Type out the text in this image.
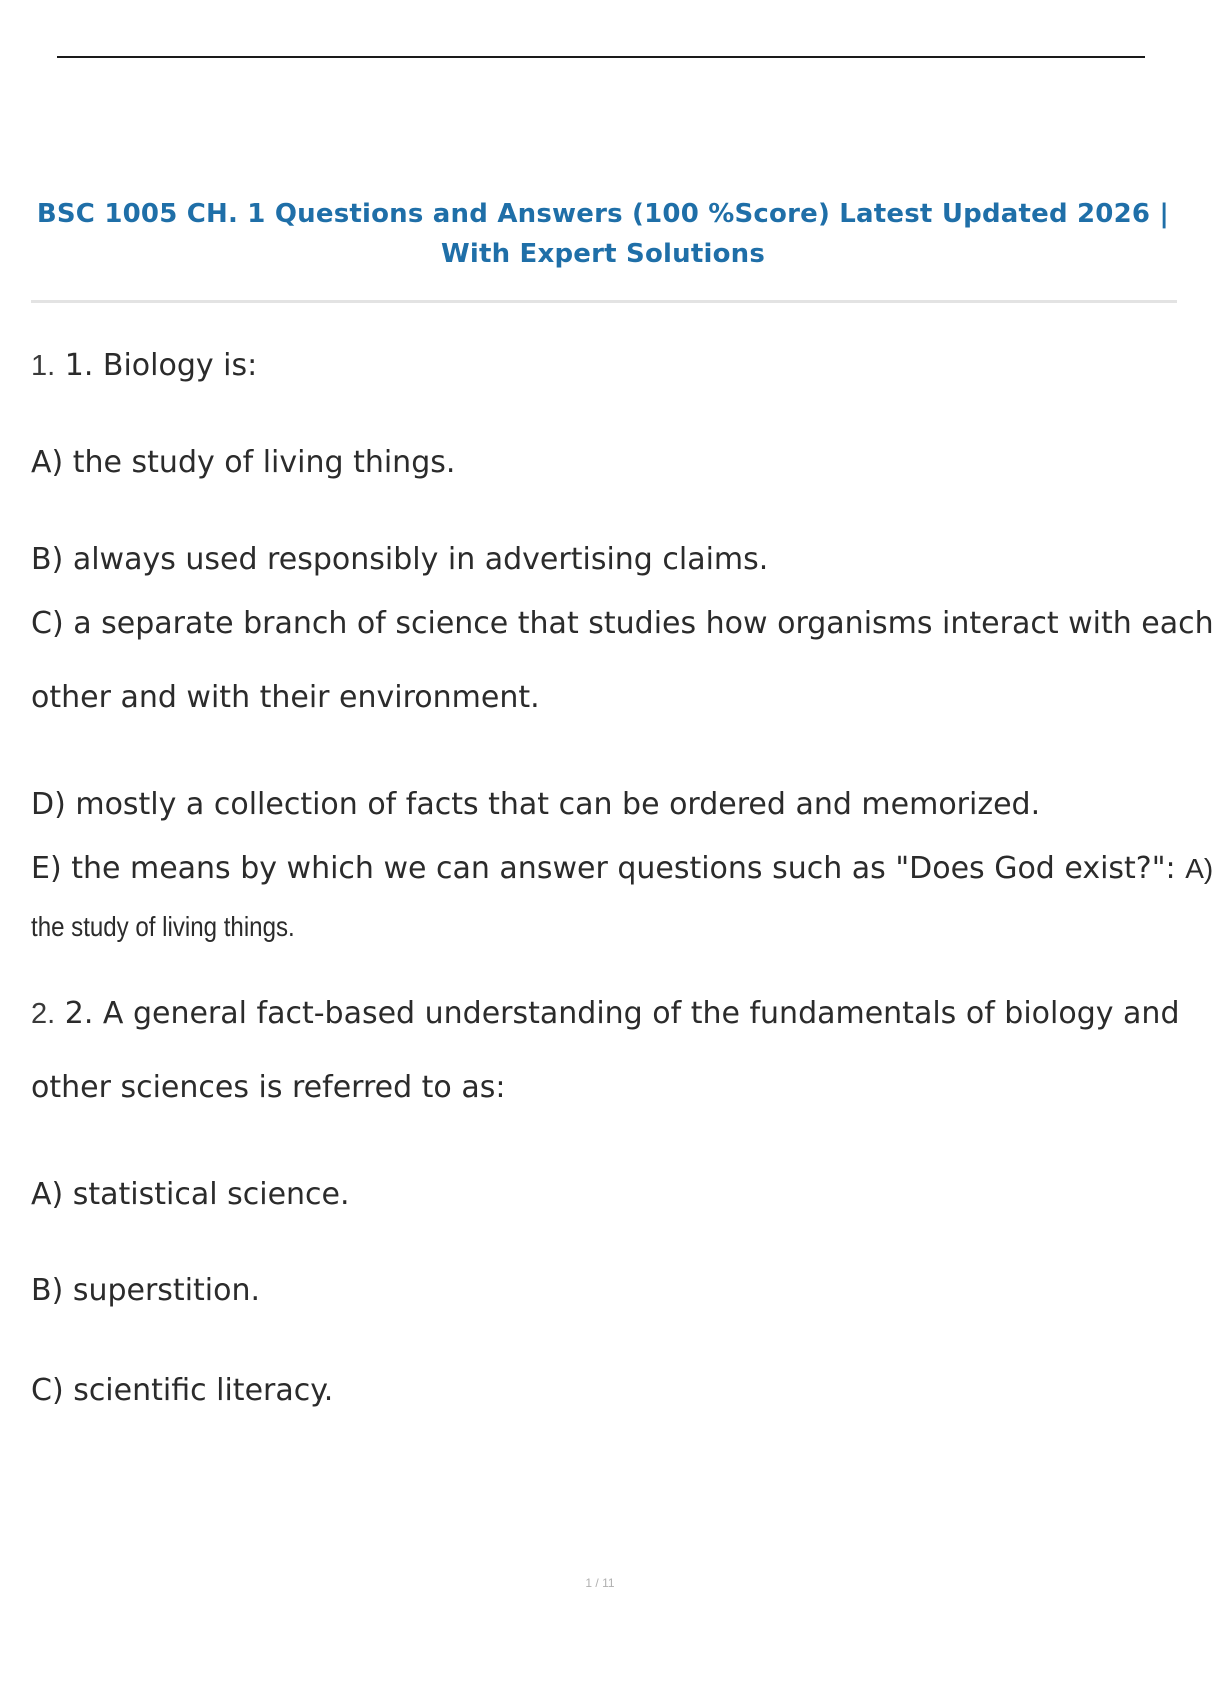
BSC 1005 CH. 1 Questions and Answers (100 %Score) Latest Updated 2026 |
With Expert Solutions
1. 1. Biology is:
A) the study of living things.
B) always used responsibly in advertising claims.
C) a separate branch of science that studies how organisms interact with each
other and with their environment.
D) mostly a collection of facts that can be ordered and memorized.
E) the means by which we can answer questions such as "Does God exist?": A)
the study of living things.
2. 2. A general fact-based understanding of the fundamentals of biology and
other sciences is referred to as:
A) statistical science.
B) superstition.
C) scientific literacy.
1 / 11
